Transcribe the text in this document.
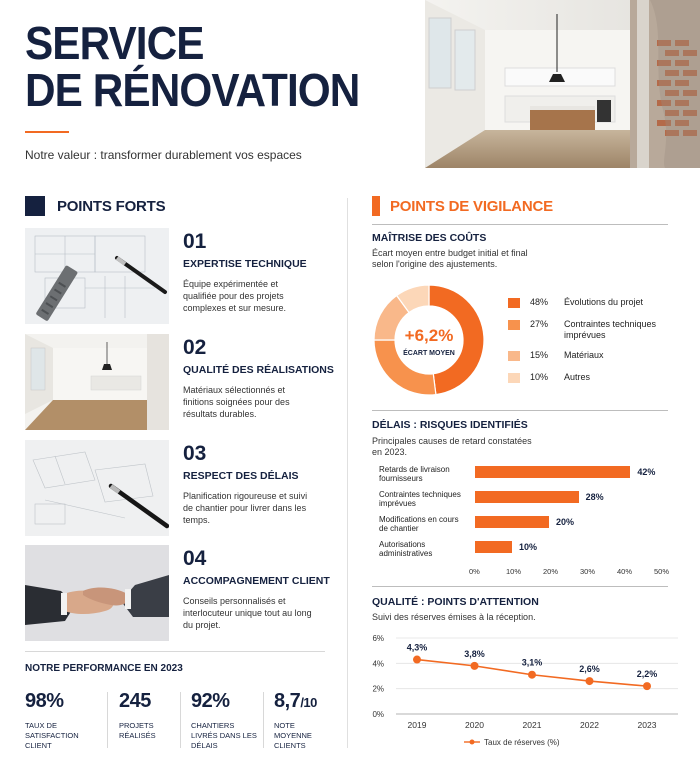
SERVICE
DE RÉNOVATION
Notre valeur : transformer durablement vos espaces
POINTS FORTS
01
EXPERTISE TECHNIQUE
Équipe expérimentée et qualifiée pour des projets complexes et sur mesure.
02
QUALITÉ DES RÉALISATIONS
Matériaux sélectionnés et finitions soignées pour des résultats durables.
03
RESPECT DES DÉLAIS
Planification rigoureuse et suivi de chantier pour livrer dans les temps.
04
ACCOMPAGNEMENT CLIENT
Conseils personnalisés et interlocuteur unique tout au long du projet.
NOTRE PERFORMANCE EN 2023
98%
TAUX DE SATISFACTION CLIENT
245
PROJETS RÉALISÉS
92%
CHANTIERS LIVRÉS DANS LES DÉLAIS
8,7/10
NOTE MOYENNE CLIENTS
POINTS DE VIGILANCE
MAÎTRISE DES COÛTS
Écart moyen entre budget initial et final selon l'origine des ajustements.
+6,2%
ÉCART MOYEN
48%	Évolutions du projet
27%	Contraintes techniques imprévues
15%	Matériaux
10%	Autres
DÉLAIS : RISQUES IDENTIFIÉS
Principales causes de retard constatées en 2023.
Retards de livraison fournisseurs
42%
Contraintes techniques imprévues
28%
Modifications en cours de chantier
20%
Autorisations administratives
10%
0%	10%	20%	30%	40%	50%
QUALITÉ : POINTS D'ATTENTION
Suivi des réserves émises à la réception.
0%
2%
4%
6%
4,3%
2019
3,8%
2020
3,1%
2021
2,6%
2022
2,2%
2023
Taux de réserves (%)
